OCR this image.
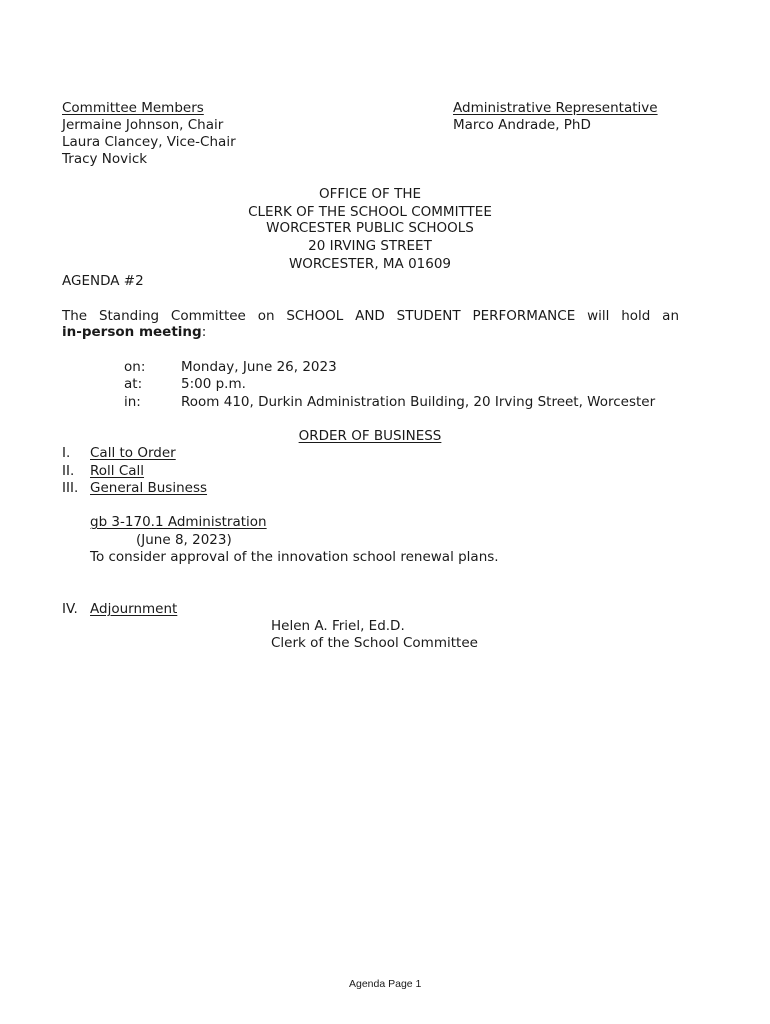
Committee Members
Jermaine Johnson, Chair
Laura Clancey, Vice-Chair
Tracy Novick
Administrative Representative
Marco Andrade, PhD
OFFICE OF THE
CLERK OF THE SCHOOL COMMITTEE
WORCESTER PUBLIC SCHOOLS
20 IRVING STREET
WORCESTER, MA 01609
AGENDA #2
The Standing Committee on SCHOOL AND STUDENT PERFORMANCE will hold an
in-person meeting:
on:	Monday, June 26, 2023
at:	5:00 p.m.
in:	Room 410, Durkin Administration Building, 20 Irving Street, Worcester
ORDER OF BUSINESS
I. Call to Order
II. Roll Call
III. General Business
gb 3-170.1 Administration
(June 8, 2023)
To consider approval of the innovation school renewal plans.
IV. Adjournment
Helen A. Friel, Ed.D.
Clerk of the School Committee
Agenda Page 1
